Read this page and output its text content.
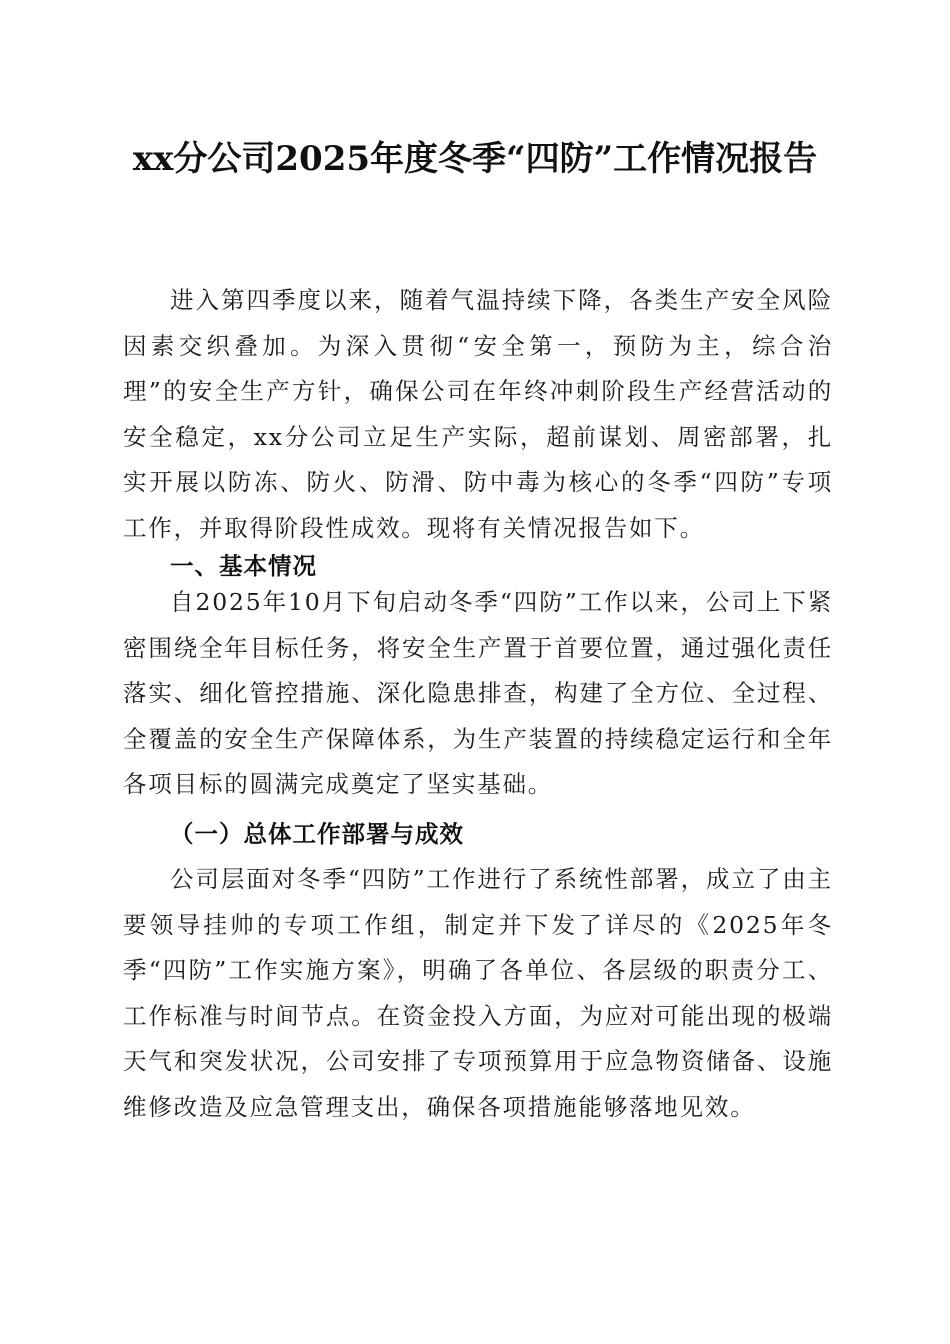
xx分公司2025年度冬季“四防”工作情况报告

进入第四季度以来，随着气温持续下降，各类生产安全风险因素交织叠加。为深入贯彻“安全第一，预防为主，综合治理”的安全生产方针，确保公司在年终冲刺阶段生产经营活动的安全稳定，xx分公司立足生产实际，超前谋划、周密部署，扎实开展以防冻、防火、防滑、防中毒为核心的冬季“四防”专项工作，并取得阶段性成效。现将有关情况报告如下。

一、基本情况

自2025年10月下旬启动冬季“四防”工作以来，公司上下紧密围绕全年目标任务，将安全生产置于首要位置，通过强化责任落实、细化管控措施、深化隐患排查，构建了全方位、全过程、全覆盖的安全生产保障体系，为生产装置的持续稳定运行和全年各项目标的圆满完成奠定了坚实基础。

（一）总体工作部署与成效

公司层面对冬季“四防”工作进行了系统性部署，成立了由主要领导挂帅的专项工作组，制定并下发了详尽的《2025年冬季“四防”工作实施方案》，明确了各单位、各层级的职责分工、工作标准与时间节点。在资金投入方面，为应对可能出现的极端天气和突发状况，公司安排了专项预算用于应急物资储备、设施维修改造及应急管理支出，确保各项措施能够落地见效。
